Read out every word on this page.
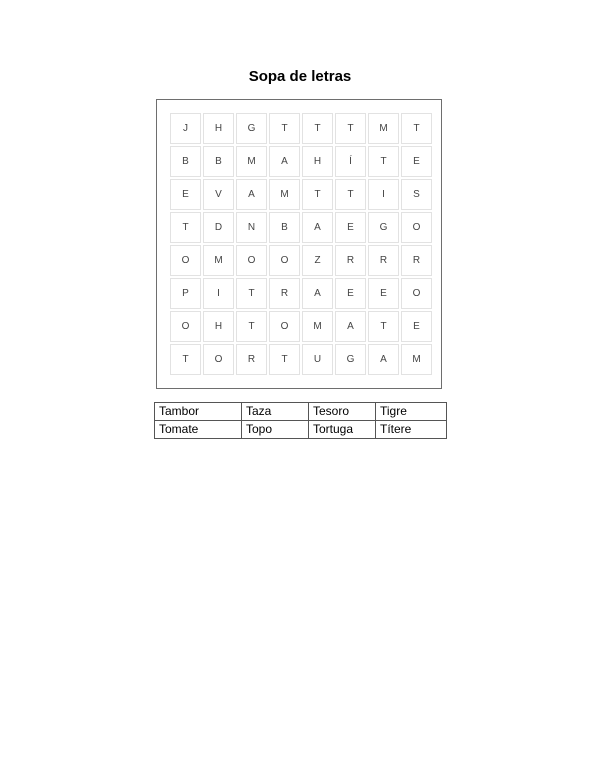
Sopa de letras
J	H	G	T	T	T	M	T
B	B	M	A	H	Í	T	E
E	V	A	M	T	T	I	S
T	D	N	B	A	E	G	O
O	M	O	O	Z	R	R	R
P	I	T	R	A	E	E	O
O	H	T	O	M	A	T	E
T	O	R	T	U	G	A	M
Tambor	Taza	Tesoro	Tigre
Tomate	Topo	Tortuga	Títere
